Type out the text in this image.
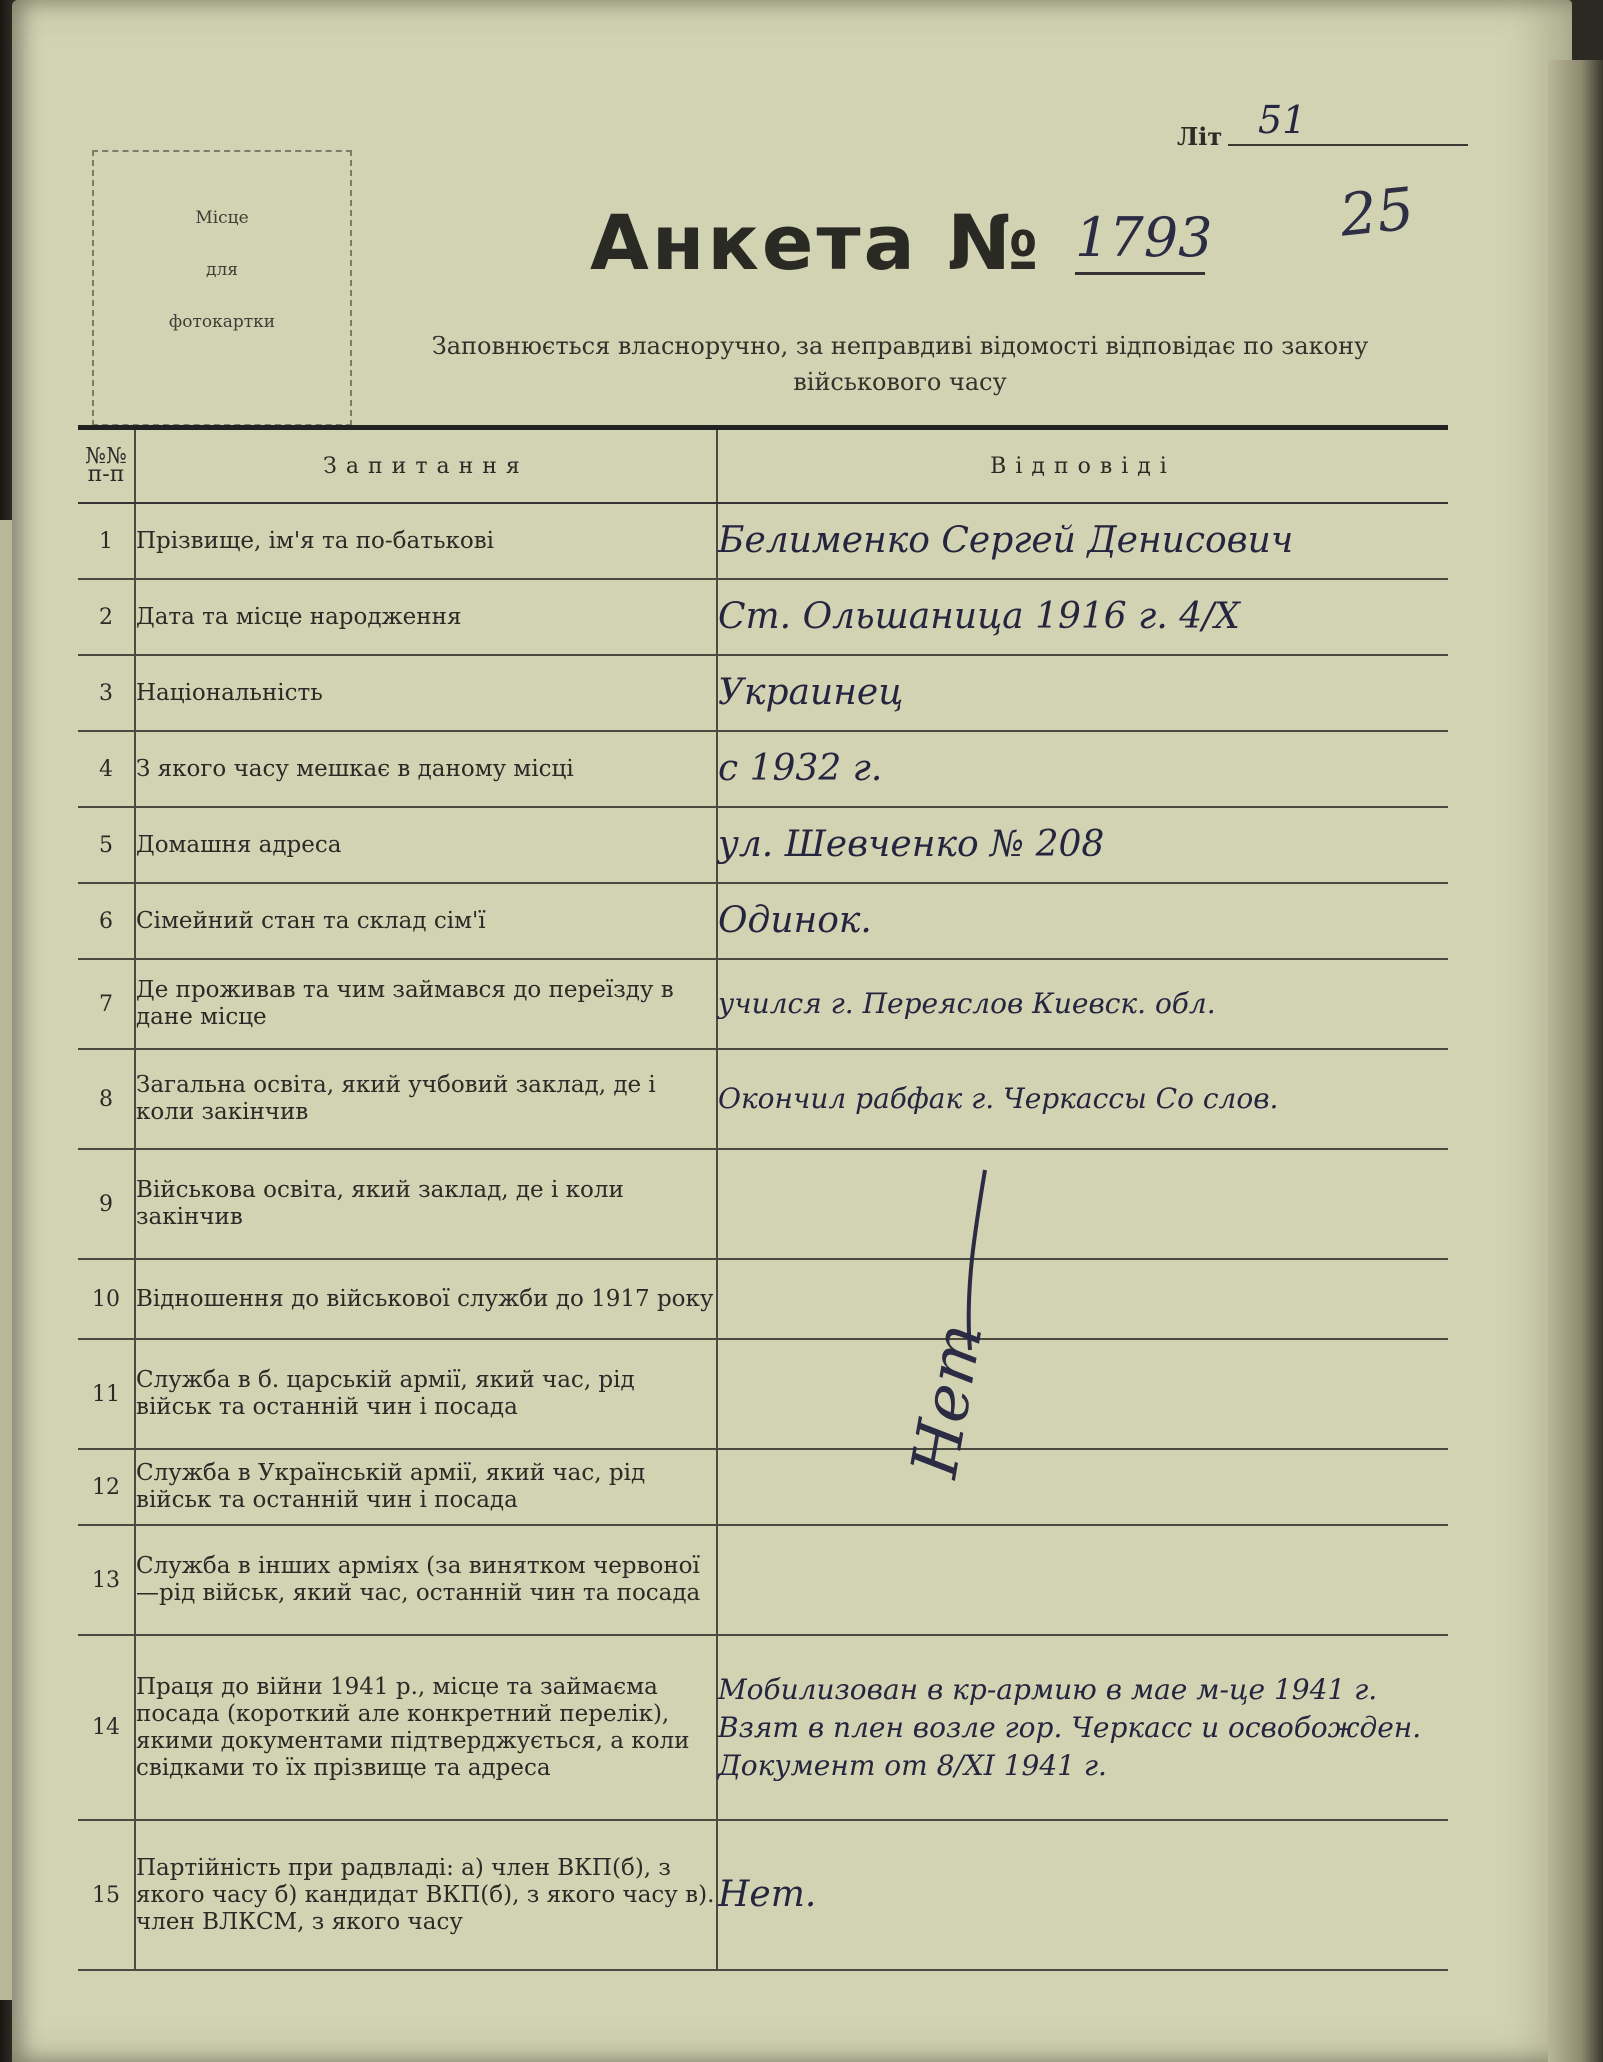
Місце
для
фотокартки
Літ 51
25
Анкета № 1793
Заповнюється власноручно, за неправдиві відомості відповідає по закону
військового часу
№№ п-п	Запитання	Відповіді
1	Прізвище, ім'я та по-батькові	Белименко Сергей Денисович
2	Дата та місце народження	Ст. Ольшаница 1916 г. 4/Х
3	Національність	Украинец
4	З якого часу мешкає в даному місці	с 1932 г.
5	Домашня адреса	ул. Шевченко № 208
6	Сімейний стан та склад сім'ї	Одинок.
7	Де проживав та чим займався до переїзду в дане місце	учился г. Переяслов Киевск. обл.
8	Загальна освіта, який учбовий заклад, де і коли закінчив	Окончил рабфак г. Черкассы Со слов.
9	Військова освіта, який заклад, де і коли закінчив	
10	Відношення до військової служби до 1917 року	
11	Служба в б. царській армії, який час, рід військ та останній чин і посада	
12	Служба в Українській армії, який час, рід військ та останній чин і посада	
13	Служба в інших арміях (за винятком червоної—рід військ, який час, останній чин та посада	
14	Праця до війни 1941 р., місце та займаєма посада (короткий але конкретний перелік), якими документами підтверджується, а коли свідками то їх прізвище та адреса	Мобилизован в кр-армию в мае м-це 1941 г. Взят в плен возле гор. Черкасс и освобожден. Документ от 8/XI 1941 г.
15	Партійність при радвладі: а) член ВКП(б), з якого часу б) кандидат ВКП(б), з якого часу в). член ВЛКСМ, з якого часу	Нет.
Нет
